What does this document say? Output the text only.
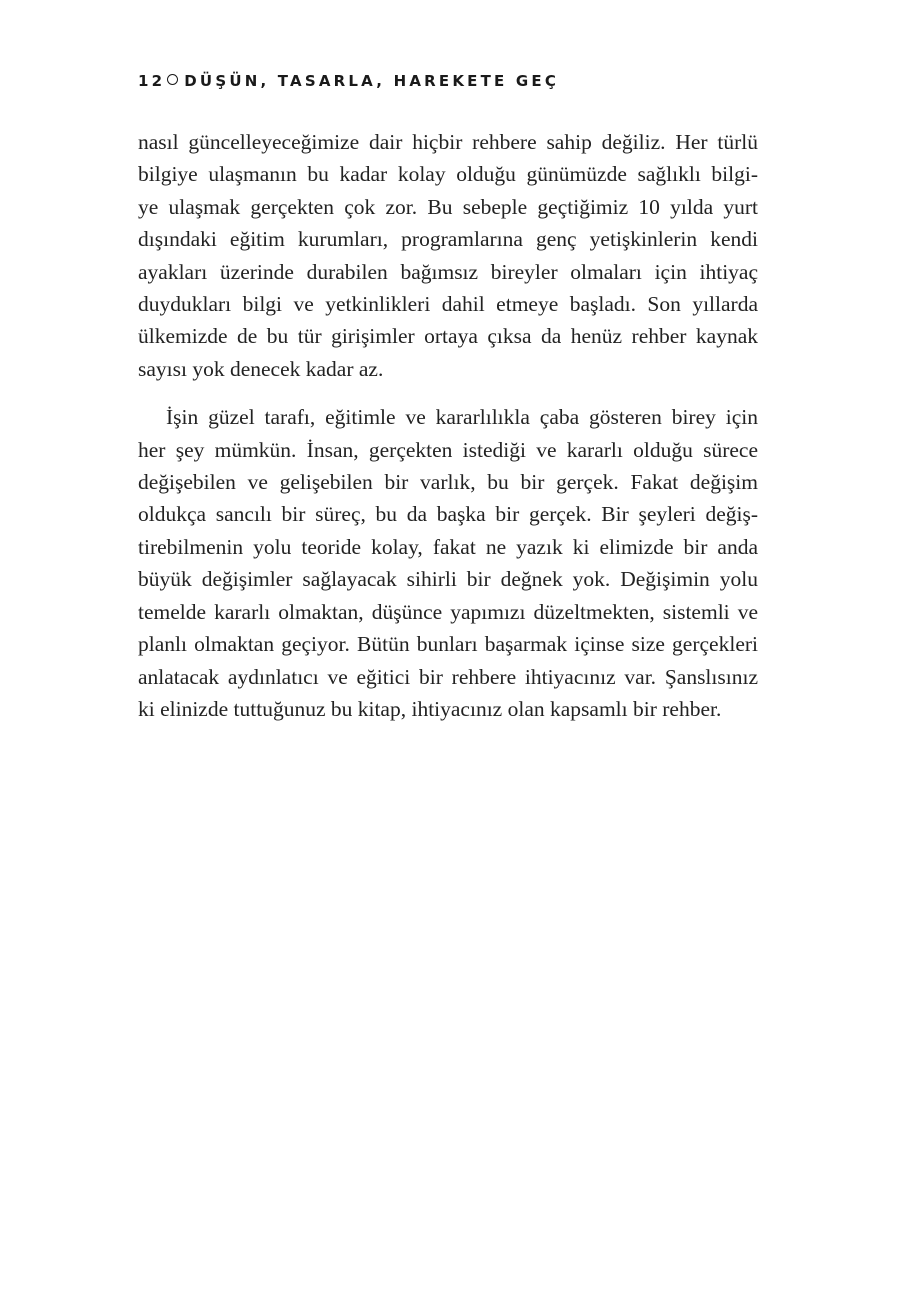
12 DÜŞÜN, TASARLA, HAREKETE GEÇ
nasıl güncelleyeceğimize dair hiçbir rehbere sahip değiliz. Her türlü
bilgiye ulaşmanın bu kadar kolay olduğu günümüzde sağlıklı bilgi-
ye ulaşmak gerçekten çok zor. Bu sebeple geçtiğimiz 10 yılda yurt
dışındaki eğitim kurumları, programlarına genç yetişkinlerin kendi
ayakları üzerinde durabilen bağımsız bireyler olmaları için ihtiyaç
duydukları bilgi ve yetkinlikleri dahil etmeye başladı. Son yıllarda
ülkemizde de bu tür girişimler ortaya çıksa da henüz rehber kaynak
sayısı yok denecek kadar az.
İşin güzel tarafı, eğitimle ve kararlılıkla çaba gösteren birey için
her şey mümkün. İnsan, gerçekten istediği ve kararlı olduğu sürece
değişebilen ve gelişebilen bir varlık, bu bir gerçek. Fakat değişim
oldukça sancılı bir süreç, bu da başka bir gerçek. Bir şeyleri değiş-
tirebilmenin yolu teoride kolay, fakat ne yazık ki elimizde bir anda
büyük değişimler sağlayacak sihirli bir değnek yok. Değişimin yolu
temelde kararlı olmaktan, düşünce yapımızı düzeltmekten, sistemli ve
planlı olmaktan geçiyor. Bütün bunları başarmak içinse size gerçekleri
anlatacak aydınlatıcı ve eğitici bir rehbere ihtiyacınız var. Şanslısınız
ki elinizde tuttuğunuz bu kitap, ihtiyacınız olan kapsamlı bir rehber.
